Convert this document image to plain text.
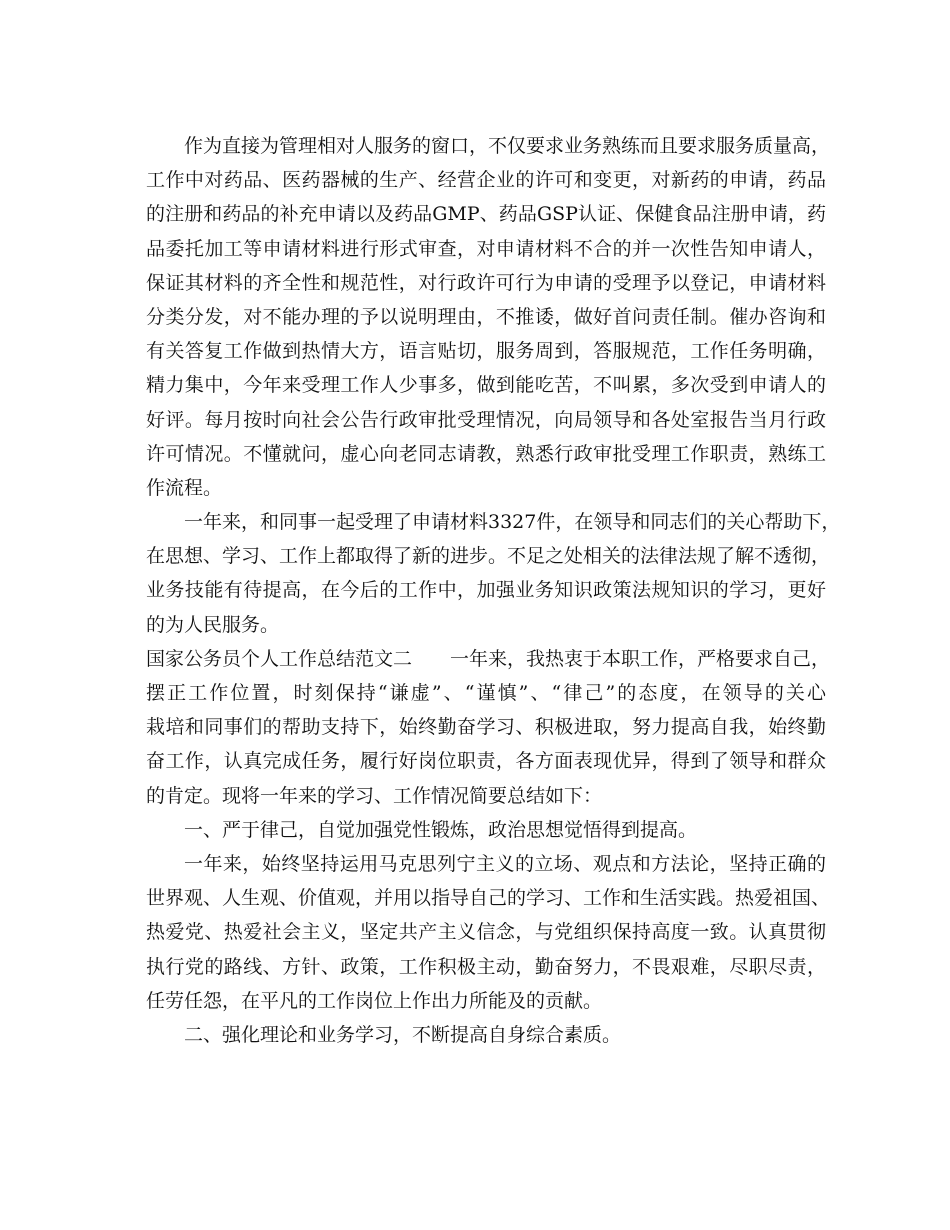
作为直接为管理相对人服务的窗口，不仅要求业务熟练而且要求服务质量高，
工作中对药品、医药器械的生产、经营企业的许可和变更，对新药的申请，药品
的注册和药品的补充申请以及药品GMP、药品GSP认证、保健食品注册申请，药
品委托加工等申请材料进行形式审查，对申请材料不合的并一次性告知申请人，
保证其材料的齐全性和规范性，对行政许可行为申请的受理予以登记，申请材料
分类分发，对不能办理的予以说明理由，不推诿，做好首问责任制。催办咨询和
有关答复工作做到热情大方，语言贴切，服务周到，答服规范，工作任务明确，
精力集中，今年来受理工作人少事多，做到能吃苦，不叫累，多次受到申请人的
好评。每月按时向社会公告行政审批受理情况，向局领导和各处室报告当月行政
许可情况。不懂就问，虚心向老同志请教，熟悉行政审批受理工作职责，熟练工
作流程。
一年来，和同事一起受理了申请材料3327件，在领导和同志们的关心帮助下，
在思想、学习、工作上都取得了新的进步。不足之处相关的法律法规了解不透彻，
业务技能有待提高，在今后的工作中，加强业务知识政策法规知识的学习，更好
的为人民服务。
国家公务员个人工作总结范文二　　一年来，我热衷于本职工作，严格要求自己，
摆正工作位置，时刻保持“谦虚”、“谨慎”、“律己”的态度，在领导的关心
栽培和同事们的帮助支持下，始终勤奋学习、积极进取，努力提高自我，始终勤
奋工作，认真完成任务，履行好岗位职责，各方面表现优异，得到了领导和群众
的肯定。现将一年来的学习、工作情况简要总结如下：
一、严于律己，自觉加强党性锻炼，政治思想觉悟得到提高。
一年来，始终坚持运用马克思列宁主义的立场、观点和方法论，坚持正确的
世界观、人生观、价值观，并用以指导自己的学习、工作和生活实践。热爱祖国、
热爱党、热爱社会主义，坚定共产主义信念，与党组织保持高度一致。认真贯彻
执行党的路线、方针、政策，工作积极主动，勤奋努力，不畏艰难，尽职尽责，
任劳任怨，在平凡的工作岗位上作出力所能及的贡献。
二、强化理论和业务学习，不断提高自身综合素质。
